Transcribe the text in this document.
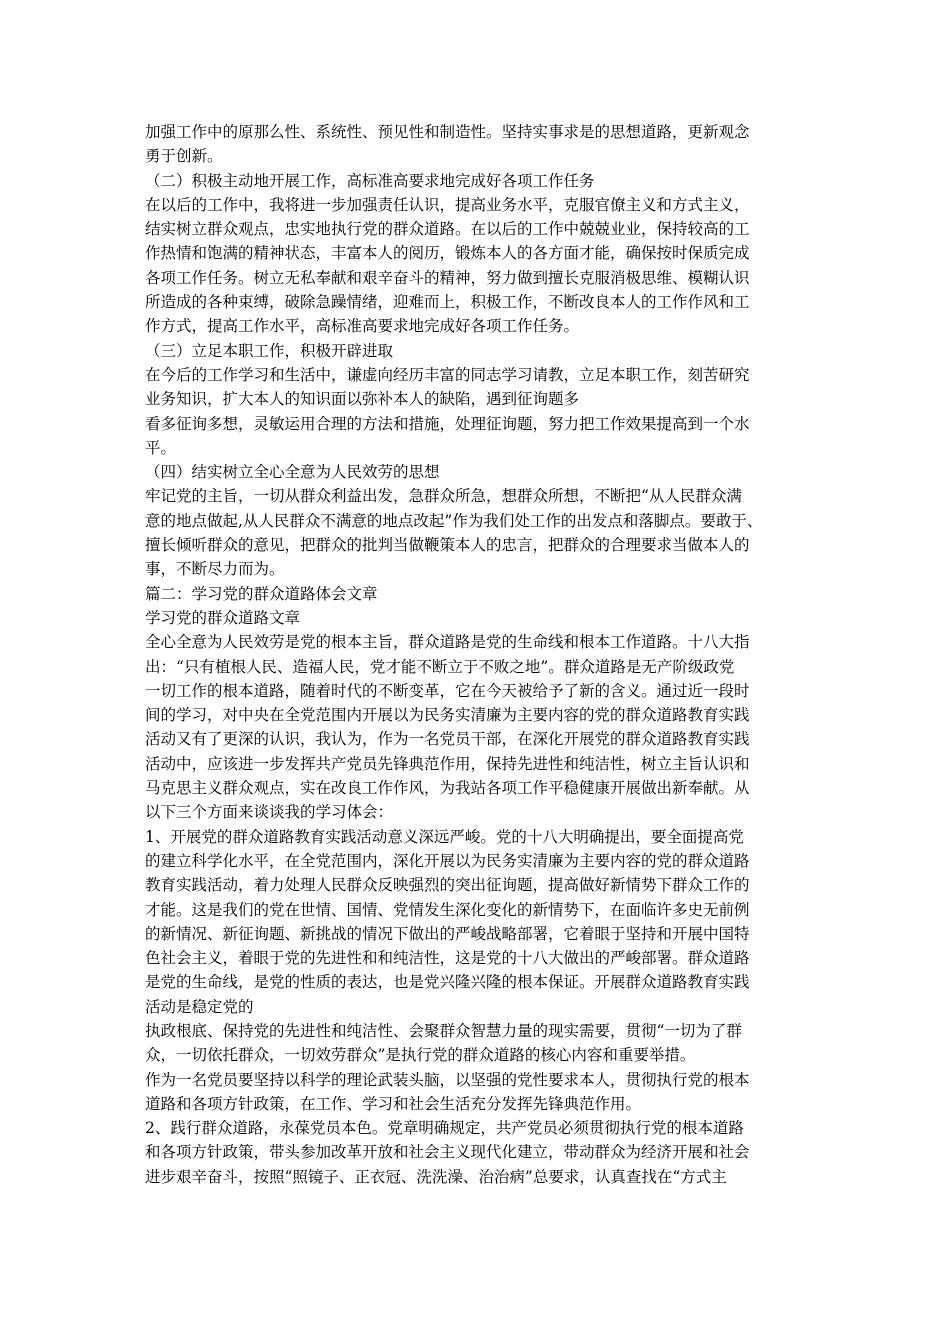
加强工作中的原那么性、系统性、预见性和制造性。坚持实事求是的思想道路，更新观念
勇于创新。
（二）积极主动地开展工作，高标准高要求地完成好各项工作任务
在以后的工作中，我将进一步加强责任认识，提高业务水平，克服官僚主义和方式主义，
结实树立群众观点，忠实地执行党的群众道路。在以后的工作中兢兢业业，保持较高的工
作热情和饱满的精神状态，丰富本人的阅历，锻炼本人的各方面才能，确保按时保质完成
各项工作任务。树立无私奉献和艰辛奋斗的精神，努力做到擅长克服消极思维、模糊认识
所造成的各种束缚，破除急躁情绪，迎难而上，积极工作，不断改良本人的工作作风和工
作方式，提高工作水平，高标准高要求地完成好各项工作任务。
（三）立足本职工作，积极开辟进取
在今后的工作学习和生活中，谦虚向经历丰富的同志学习请教，立足本职工作，刻苦研究
业务知识，扩大本人的知识面以弥补本人的缺陷，遇到征询题多
看多征询多想，灵敏运用合理的方法和措施，处理征询题，努力把工作效果提高到一个水
平。
（四）结实树立全心全意为人民效劳的思想
牢记党的主旨，一切从群众利益出发，急群众所急，想群众所想，不断把“从人民群众满
意的地点做起,从人民群众不满意的地点改起”作为我们处工作的出发点和落脚点。要敢于、
擅长倾听群众的意见，把群众的批判当做鞭策本人的忠言，把群众的合理要求当做本人的
事，不断尽力而为。
篇二：学习党的群众道路体会文章
学习党的群众道路文章
全心全意为人民效劳是党的根本主旨，群众道路是党的生命线和根本工作道路。十八大指
出：“只有植根人民、造福人民，党才能不断立于不败之地”。群众道路是无产阶级政党
一切工作的根本道路，随着时代的不断变革，它在今天被给予了新的含义。通过近一段时
间的学习，对中央在全党范围内开展以为民务实清廉为主要内容的党的群众道路教育实践
活动又有了更深的认识，我认为，作为一名党员干部，在深化开展党的群众道路教育实践
活动中，应该进一步发挥共产党员先锋典范作用，保持先进性和纯洁性，树立主旨认识和
马克思主义群众观点，实在改良工作作风，为我站各项工作平稳健康开展做出新奉献。从
以下三个方面来谈谈我的学习体会：
1、开展党的群众道路教育实践活动意义深远严峻。党的十八大明确提出，要全面提高党
的建立科学化水平，在全党范围内，深化开展以为民务实清廉为主要内容的党的群众道路
教育实践活动，着力处理人民群众反映强烈的突出征询题，提高做好新情势下群众工作的
才能。这是我们的党在世情、国情、党情发生深化变化的新情势下，在面临许多史无前例
的新情况、新征询题、新挑战的情况下做出的严峻战略部署，它着眼于坚持和开展中国特
色社会主义，着眼于党的先进性和和纯洁性，这是党的十八大做出的严峻部署。群众道路
是党的生命线，是党的性质的表达，也是党兴隆兴隆的根本保证。开展群众道路教育实践
活动是稳定党的
执政根底、保持党的先进性和纯洁性、会聚群众智慧力量的现实需要，贯彻“一切为了群
众，一切依托群众，一切效劳群众”是执行党的群众道路的核心内容和重要举措。
作为一名党员要坚持以科学的理论武装头脑，以坚强的党性要求本人，贯彻执行党的根本
道路和各项方针政策，在工作、学习和社会生活充分发挥先锋典范作用。
2、践行群众道路，永葆党员本色。党章明确规定，共产党员必须贯彻执行党的根本道路
和各项方针政策，带头参加改革开放和社会主义现代化建立，带动群众为经济开展和社会
进步艰辛奋斗，按照“照镜子、正衣冠、洗洗澡、治治病”总要求，认真查找在“方式主
